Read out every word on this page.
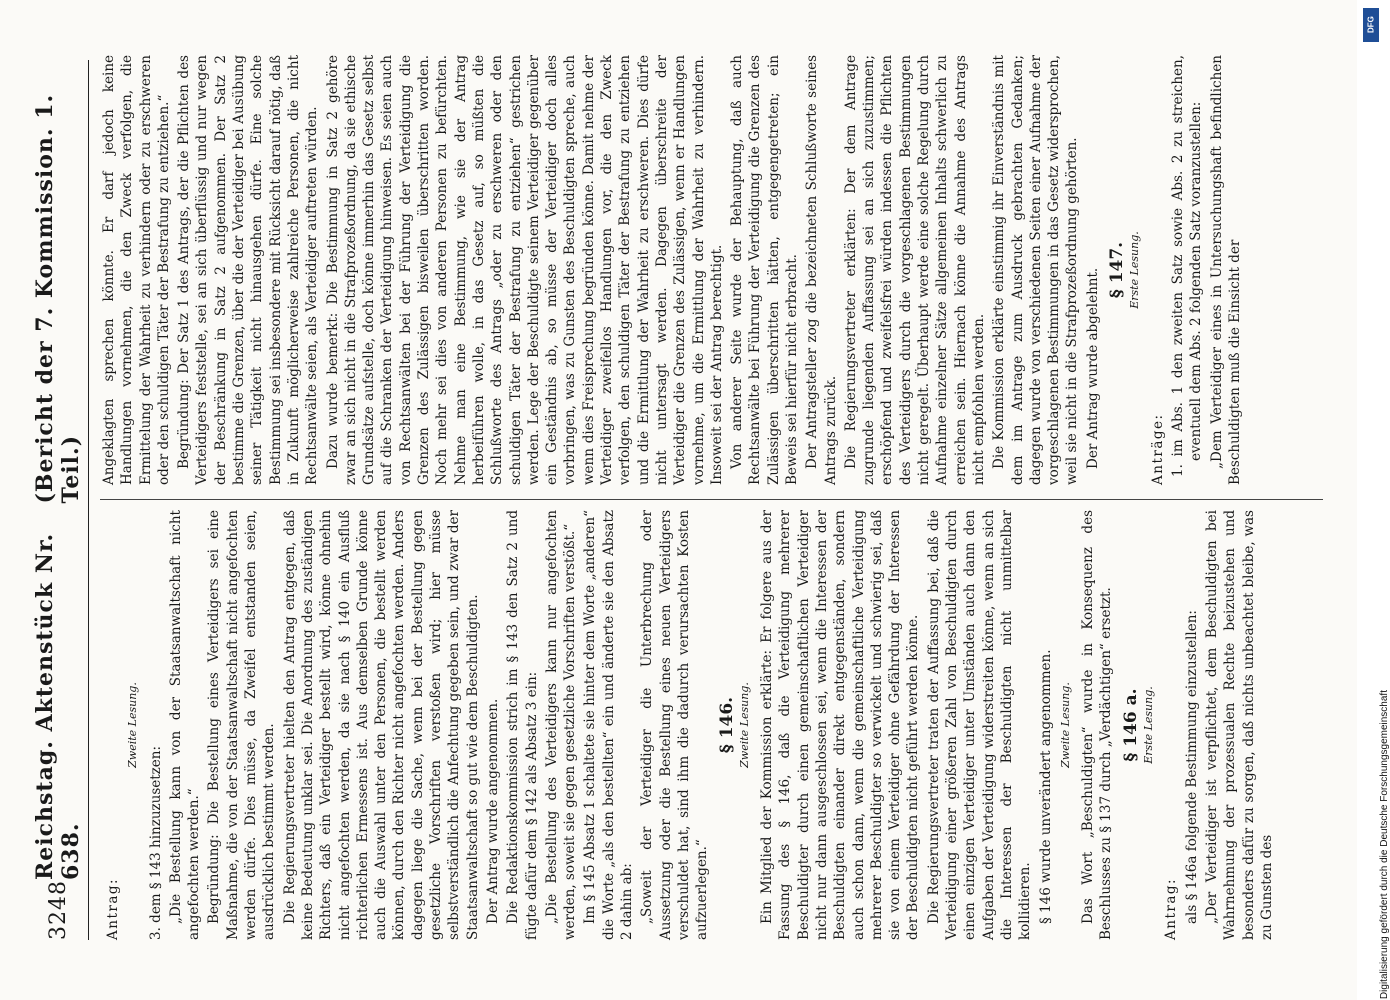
3248
Reichstag. Aktenstück Nr. 638.
(Bericht der 7. Kommission. 1. Teil.)

Antrag:

Zweite Lesung.

3. dem § 143 hinzuzusetzen: „Die Bestellung kann von der Staatsanwaltschaft nicht angefochten werden.“ Begründung: Die Bestellung eines Verteidigers sei eine Maßnahme, die von der Staatsanwaltschaft nicht angefochten werden dürfe. Dies müsse, da Zweifel entstanden seien, ausdrücklich bestimmt werden. Die Regierungsvertreter hielten den Antrag entgegen, daß keine Bedeutung unklar sei. Die Anordnung des zuständigen Richters, daß ein Verteidiger bestellt wird, könne ohnehin nicht angefochten werden, da sie nach § 140 ein Ausfluß richterlichen Ermessens ist. Aus demselben Grunde könne auch die Auswahl unter den Personen, die bestellt werden können, durch den Richter nicht angefochten werden. Anders dagegen liege die Sache, wenn bei der Bestellung gegen gesetzliche Vorschriften verstoßen wird; hier müsse selbstverständlich die Anfechtung gegeben sein, und zwar der Staatsanwaltschaft so gut wie dem Beschuldigten. Der Antrag wurde angenommen. Die Redaktionskommission strich im § 143 den Satz 2 und fügte dafür dem § 142 als Absatz 3 ein: „Die Bestellung des Verteidigers kann nur angefochten werden, soweit sie gegen gesetzliche Vorschriften verstößt.“ Im § 145 Absatz 1 schaltete sie hinter dem Worte „anderen“ die Worte „als den bestellten“ ein und änderte sie den Absatz 2 dahin ab: „Soweit der Verteidiger die Unterbrechung oder Aussetzung oder die Bestellung eines neuen Verteidigers verschuldet hat, sind ihm die dadurch verursachten Kosten aufzuerlegen.“

§ 146. Zweite Lesung. Ein Mitglied der Kommission erklärte: Er folgere aus der Fassung des § 146, daß die Verteidigung mehrerer Beschuldigter durch einen gemeinschaftlichen Verteidiger nicht nur dann ausgeschlossen sei, wenn die Interessen der Beschuldigten einander direkt entgegenständen, sondern auch schon dann, wenn die gemeinschaftliche Verteidigung mehrerer Beschuldigter so verwickelt und schwierig sei, daß sie von einem Verteidiger ohne Gefährdung der Interessen der Beschuldigten nicht geführt werden könne. Die Regierungsvertreter traten der Auffassung bei, daß die Verteidigung einer größeren Zahl von Beschuldigten durch einen einzigen Verteidiger unter Umständen auch dann den Aufgaben der Verteidigung widerstreiten könne, wenn an sich die Interessen der Beschuldigten nicht unmittelbar kollidieren. § 146 wurde unverändert angenommen. Zweite Lesung. Das Wort „Beschuldigten“ wurde in Konsequenz des Beschlusses zu § 137 durch „Verdächtigen“ ersetzt. § 146 a. Erste Lesung.

Antrag: als § 146a folgende Bestimmung einzustellen: „Der Verteidiger ist verpflichtet, dem Beschuldigten bei Wahrnehmung der prozessualen Rechte beizustehen und besonders dafür zu sorgen, daß nichts unbeachtet bleibe, was zu Gunsten des

Angeklagten sprechen könnte. Er darf jedoch keine Handlungen vornehmen, die den Zweck verfolgen, die Ermittelung der Wahrheit zu verhindern oder zu erschweren oder den schuldigen Täter der Bestrafung zu entziehen.“ Begründung: Der Satz 1 des Antrags, der die Pflichten des Verteidigers feststelle, sei an sich überflüssig und nur wegen der Beschränkung in Satz 2 aufgenommen. Der Satz 2 bestimme die Grenzen, über die der Verteidiger bei Ausübung seiner Tätigkeit nicht hinausgehen dürfe. Eine solche Bestimmung sei insbesondere mit Rücksicht darauf nötig, daß in Zukunft möglicherweise zahlreiche Personen, die nicht Rechtsanwälte seien, als Verteidiger auftreten würden. Dazu wurde bemerkt: Die Bestimmung in Satz 2 gehöre zwar an sich nicht in die Strafprozeßordnung, da sie ethische Grundsätze aufstelle, doch könne immerhin das Gesetz selbst auf die Schranken der Verteidigung hinweisen. Es seien auch von Rechtsanwälten bei der Führung der Verteidigung die Grenzen des Zulässigen bisweilen überschritten worden. Noch mehr sei dies von anderen Personen zu befürchten. Nehme man eine Bestimmung, wie sie der Antrag herbeiführen wolle, in das Gesetz auf, so müßten die Schlußworte des Antrags „oder zu erschweren oder den schuldigen Täter der Bestrafung zu entziehen“ gestrichen werden. Lege der Beschuldigte seinem Verteidiger gegenüber ein Geständnis ab, so müsse der Verteidiger doch alles vorbringen, was zu Gunsten des Beschuldigten spreche, auch wenn dies Freisprechung begründen könne. Damit nehme der Verteidiger zweifellos Handlungen vor, die den Zweck verfolgen, den schuldigen Täter der Bestrafung zu entziehen und die Ermittlung der Wahrheit zu erschweren. Dies dürfe nicht untersagt werden. Dagegen überschreite der Verteidiger die Grenzen des Zulässigen, wenn er Handlungen vornehme, um die Ermittlung der Wahrheit zu verhindern. Insoweit sei der Antrag berechtigt. Von anderer Seite wurde der Behauptung, daß auch Rechtsanwälte bei Führung der Verteidigung die Grenzen des Zulässigen überschritten hätten, entgegengetreten; ein Beweis sei hierfür nicht erbracht. Der Antragsteller zog die bezeichneten Schlußworte seines Antrags zurück. Die Regierungsvertreter erklärten: Der dem Antrage zugrunde liegenden Auffassung sei an sich zuzustimmen; erschöpfend und zweifelsfrei würden indessen die Pflichten des Verteidigers durch die vorgeschlagenen Bestimmungen nicht geregelt. Überhaupt werde eine solche Regelung durch Aufnahme einzelner Sätze allgemeinen Inhalts schwerlich zu erreichen sein. Hiernach könne die Annahme des Antrags nicht empfohlen werden. Die Kommission erklärte einstimmig ihr Einverständnis mit dem im Antrage zum Ausdruck gebrachten Gedanken; dagegen wurde von verschiedenen Seiten einer Aufnahme der vorgeschlagenen Bestimmungen in das Gesetz widersprochen, weil sie nicht in die Strafprozeßordnung gehörten. Der Antrag wurde abgelehnt. § 147. Erste Lesung.

Anträge: 1. im Abs. 1 den zweiten Satz sowie Abs. 2 zu streichen, eventuell dem Abs. 2 folgenden Satz voranzustellen: „Dem Verteidiger eines in Untersuchungshaft befindlichen Beschuldigten muß die Einsicht der

DFG
Digitalisierung gefördert durch die Deutsche Forschungsgemeinschaft
